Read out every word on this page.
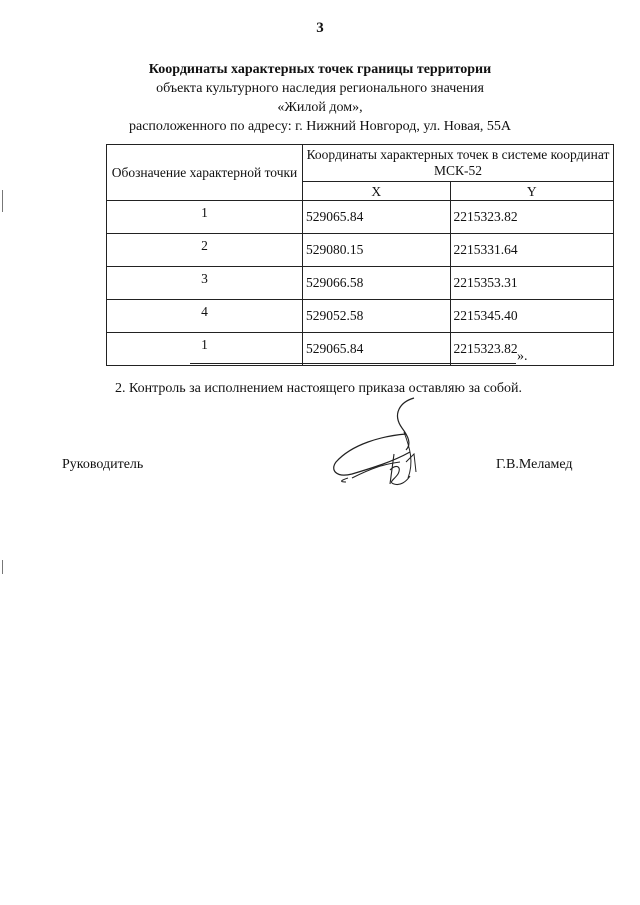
3
Координаты характерных точек границы территории
объекта культурного наследия регионального значения
«Жилой дом»,
расположенного по адресу: г. Нижний Новгород, ул. Новая, 55А
Обозначение характерной точки	Координаты характерных точек в системе координат МСК-52	
	X	Y
1	529065.84	2215323.82
2	529080.15	2215331.64
3	529066.58	2215353.31
4	529052.58	2215345.40
1	529065.84	2215323.82
».
2. Контроль за исполнением настоящего приказа оставляю за собой.
Руководитель	Г.В.Меламед
